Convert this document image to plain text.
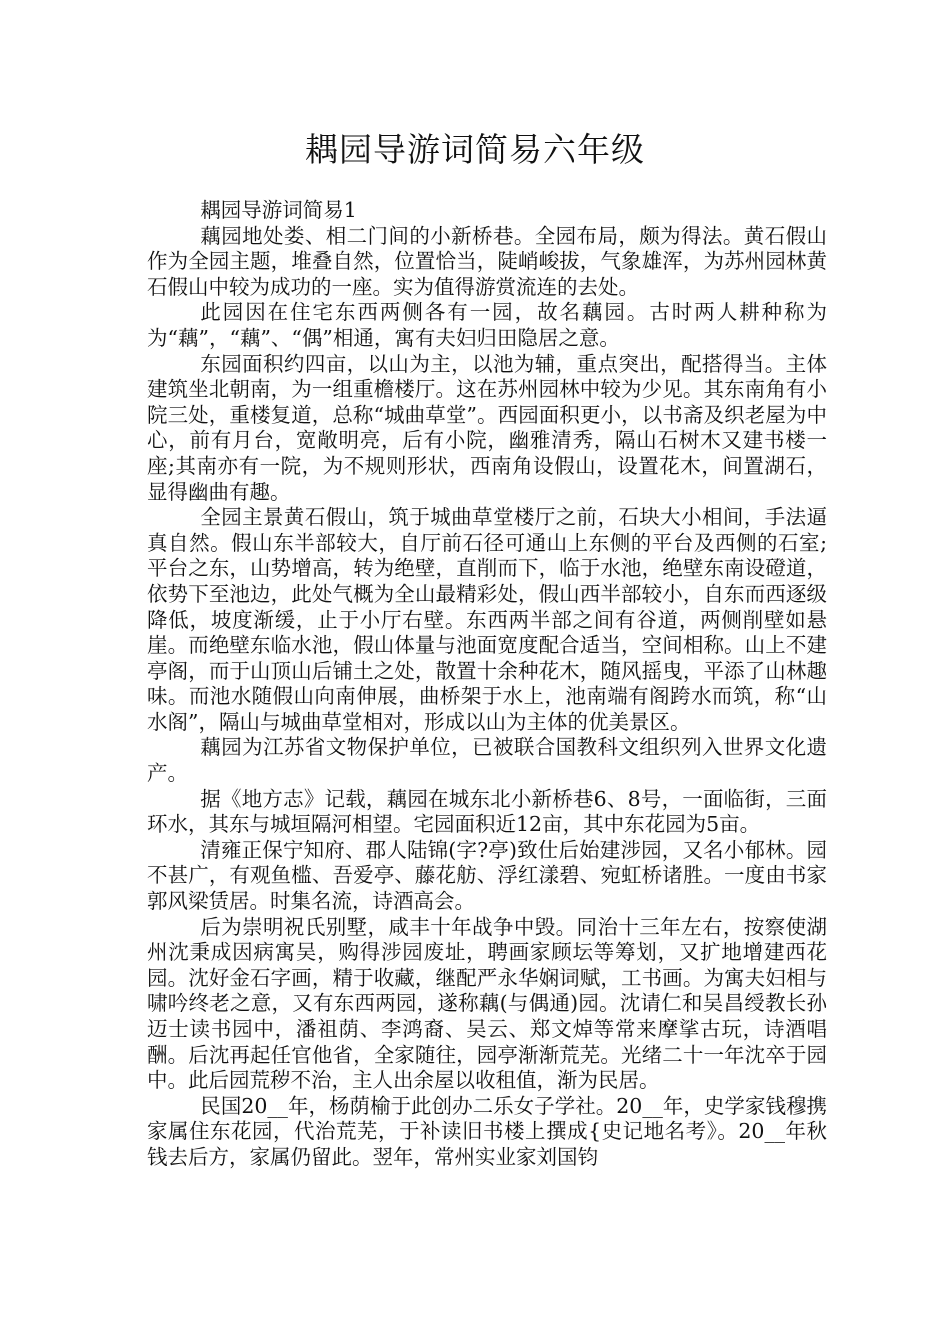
耦园导游词简易六年级

耦园导游词简易1

藕园地处娄、相二门间的小新桥巷。全园布局，颇为得法。黄石假山作为全园主题，堆叠自然，位置恰当，陡峭峻拔，气象雄浑，为苏州园林黄石假山中较为成功的一座。实为值得游赏流连的去处。

此园因在住宅东西两侧各有一园，故名藕园。古时两人耕种称为为“藕”，“藕”、“偶”相通，寓有夫妇归田隐居之意。

东园面积约四亩，以山为主，以池为辅，重点突出，配搭得当。主体建筑坐北朝南，为一组重檐楼厅。这在苏州园林中较为少见。其东南角有小院三处，重楼复道，总称“城曲草堂”。西园面积更小，以书斋及织老屋为中心，前有月台，宽敞明亮，后有小院，幽雅清秀，隔山石树木又建书楼一座;其南亦有一院，为不规则形状，西南角设假山，设置花木，间置湖石，显得幽曲有趣。

全园主景黄石假山，筑于城曲草堂楼厅之前，石块大小相间，手法逼真自然。假山东半部较大，自厅前石径可通山上东侧的平台及西侧的石室;平台之东，山势增高，转为绝壁，直削而下，临于水池，绝壁东南设磴道，依势下至池边，此处气概为全山最精彩处，假山西半部较小，自东而西逐级降低，坡度渐缓，止于小厅右壁。东西两半部之间有谷道，两侧削壁如悬崖。而绝壁东临水池，假山体量与池面宽度配合适当，空间相称。山上不建亭阁，而于山顶山后铺土之处，散置十余种花木，随风摇曳，平添了山林趣味。而池水随假山向南伸展，曲桥架于水上，池南端有阁跨水而筑，称“山水阁”，隔山与城曲草堂相对，形成以山为主体的优美景区。

藕园为江苏省文物保护单位，已被联合国教科文组织列入世界文化遗产。

据《地方志》记载，藕园在城东北小新桥巷6、8号，一面临街，三面环水，其东与城垣隔河相望。宅园面积近12亩，其中东花园为5亩。

清雍正保宁知府、郡人陆锦(字?亭)致仕后始建涉园，又名小郁林。园不甚广，有观鱼槛、吾爱亭、藤花舫、浮红漾碧、宛虹桥诸胜。一度由书家郭风梁赁居。时集名流，诗酒高会。

后为崇明祝氏别墅，咸丰十年战争中毁。同治十三年左右，按察使湖州沈秉成因病寓吴，购得涉园废址，聘画家顾坛等筹划，又扩地增建西花园。沈好金石字画，精于收藏，继配严永华娴词赋，工书画。为寓夫妇相与啸吟终老之意，又有东西两园，遂称藕(与偶通)园。沈请仁和吴昌绶教长孙迈士读书园中，潘祖荫、李鸿裔、吴云、郑文焯等常来摩挲古玩，诗酒唱酬。后沈再起任官他省，全家随往，园亭渐渐荒芜。光绪二十一年沈卒于园中。此后园荒秽不治，主人出余屋以收租值，渐为民居。

民国20__年，杨荫榆于此创办二乐女子学社。20__年，史学家钱穆携家属住东花园，代治荒芜，于补读旧书楼上撰成{史记地名考》。20__年秋钱去后方，家属仍留此。翌年，常州实业家刘国钧
